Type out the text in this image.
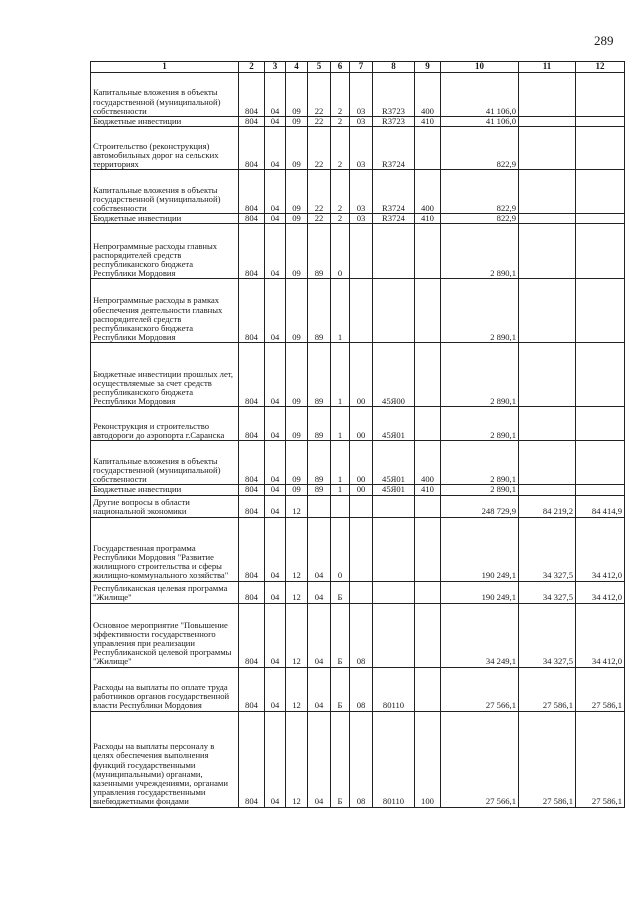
289
1	2	3	4	5	6	7	8	9	10	11	12
Капитальные вложения в объекты государственной (муниципальной) собственности	804	04	09	22	2	03	R3723	400	41 106,0		
Бюджетные инвестиции	804	04	09	22	2	03	R3723	410	41 106,0		
Строительство (реконструкция) автомобильных дорог на сельских территориях	804	04	09	22	2	03	R3724		822,9		
Капитальные вложения в объекты государственной (муниципальной) собственности	804	04	09	22	2	03	R3724	400	822,9		
Бюджетные инвестиции	804	04	09	22	2	03	R3724	410	822,9		
Непрограммные расходы главных распорядителей средств республиканского бюджета Республики Мордовия	804	04	09	89	0				2 890,1		
Непрограммные расходы в рамках обеспечения деятельности главных распорядителей средств республиканского бюджета Республики Мордовия	804	04	09	89	1				2 890,1		
Бюджетные инвестиции прошлых лет, осуществляемые за счет средств республиканского бюджета Республики Мордовия	804	04	09	89	1	00	45Я00		2 890,1		
Реконструкция и строительство автодороги до аэропорта г.Саранска	804	04	09	89	1	00	45Я01		2 890,1		
Капитальные вложения в объекты государственной (муниципальной) собственности	804	04	09	89	1	00	45Я01	400	2 890,1		
Бюджетные инвестиции	804	04	09	89	1	00	45Я01	410	2 890,1		
Другие вопросы в области национальной экономики	804	04	12						248 729,9	84 219,2	84 414,9
Государственная программа Республики Мордовия "Развитие жилищного строительства и сферы жилищно-коммунального хозяйства"	804	04	12	04	0				190 249,1	34 327,5	34 412,0
Республиканская целевая программа "Жилище"	804	04	12	04	Б				190 249,1	34 327,5	34 412,0
Основное мероприятие "Повышение эффективности государственного управления при реализации Республиканской целевой программы "Жилище"	804	04	12	04	Б	08			34 249,1	34 327,5	34 412,0
Расходы на выплаты по оплате труда работников органов государственной власти Республики Мордовия	804	04	12	04	Б	08	80110		27 566,1	27 586,1	27 586,1
Расходы на выплаты персоналу в целях обеспечения выполнения функций государственными (муниципальными) органами, казенными учреждениями, органами управления государственными внебюджетными фондами	804	04	12	04	Б	08	80110	100	27 566,1	27 586,1	27 586,1
